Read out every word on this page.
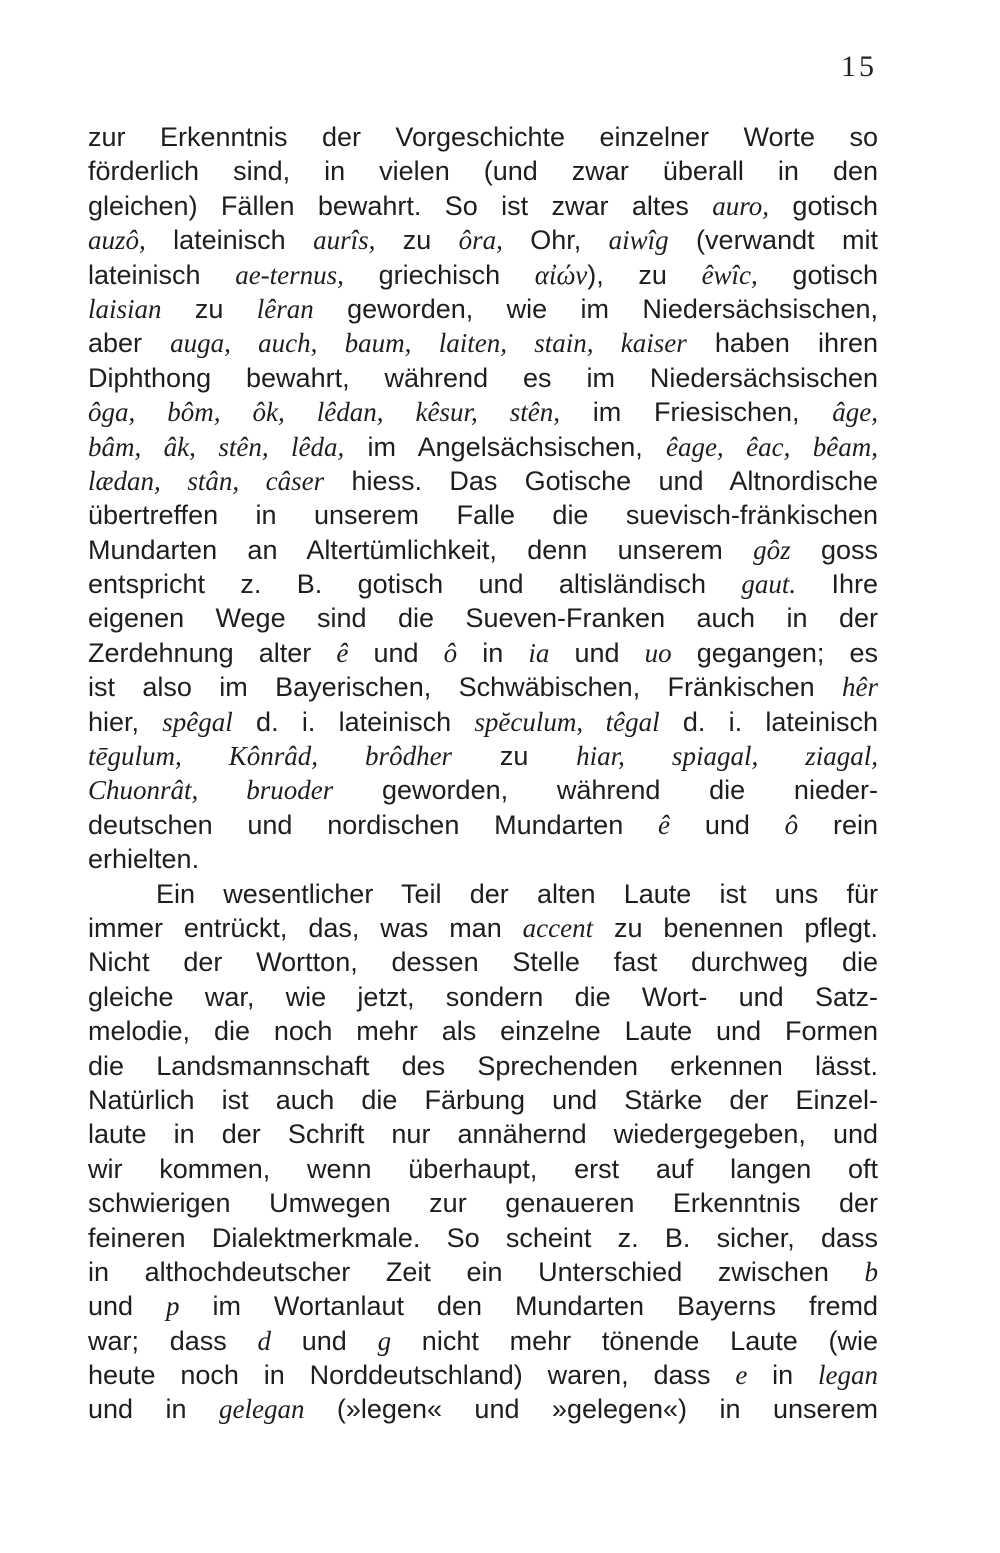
15
zur Erkenntnis der Vorgeschichte einzelner Worte so
förderlich sind, in vielen (und zwar überall in den
gleichen) Fällen bewahrt. So ist zwar altes auro, gotisch
auzô, lateinisch aurîs, zu ôra, Ohr, aiwîg (verwandt mit
lateinisch ae-ternus, griechisch αἰών), zu êwîc, gotisch
laisian zu lêran geworden, wie im Niedersächsischen,
aber auga, auch, baum, laiten, stain, kaiser haben ihren
Diphthong bewahrt, während es im Niedersächsischen
ôga, bôm, ôk, lêdan, kêsur, stên, im Friesischen, âge,
bâm, âk, stên, lêda, im Angelsächsischen, êage, êac, bêam,
lædan, stân, câser hiess. Das Gotische und Altnordische
übertreffen in unserem Falle die suevisch-fränkischen
Mundarten an Altertümlichkeit, denn unserem gôz goss
entspricht z. B. gotisch und altisländisch gaut. Ihre
eigenen Wege sind die Sueven-Franken auch in der
Zerdehnung alter ê und ô in ia und uo gegangen; es
ist also im Bayerischen, Schwäbischen, Fränkischen hêr
hier, spêgal d. i. lateinisch spĕculum, têgal d. i. lateinisch
tēgulum, Kônrâd, brôdher zu hiar, spiagal, ziagal,
Chuonrât, bruoder geworden, während die nieder-
deutschen und nordischen Mundarten ê und ô rein
erhielten.
Ein wesentlicher Teil der alten Laute ist uns für
immer entrückt, das, was man accent zu benennen pflegt.
Nicht der Wortton, dessen Stelle fast durchweg die
gleiche war, wie jetzt, sondern die Wort- und Satz-
melodie, die noch mehr als einzelne Laute und Formen
die Landsmannschaft des Sprechenden erkennen lässt.
Natürlich ist auch die Färbung und Stärke der Einzel-
laute in der Schrift nur annähernd wiedergegeben, und
wir kommen, wenn überhaupt, erst auf langen oft
schwierigen Umwegen zur genaueren Erkenntnis der
feineren Dialektmerkmale. So scheint z. B. sicher, dass
in althochdeutscher Zeit ein Unterschied zwischen b
und p im Wortanlaut den Mundarten Bayerns fremd
war; dass d und g nicht mehr tönende Laute (wie
heute noch in Norddeutschland) waren, dass e in legan
und in gelegan (»legen« und »gelegen«) in unserem
